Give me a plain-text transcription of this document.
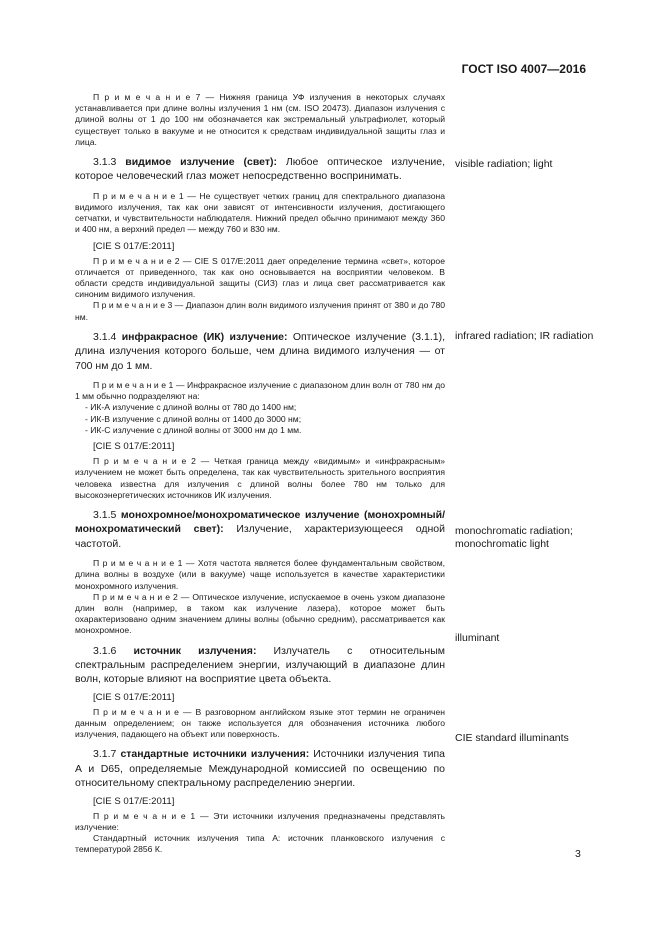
ГОСТ ISO 4007—2016
visible radiation; light
infrared radiation; IR radiation
monochromatic radiation; monochromatic light
illuminant
CIE standard illuminants

П р и м е ч а н и е 7 — Нижняя граница УФ излучения в некоторых случаях устанавливается при длине волны излучения 1 нм (см. ISO 20473). Диапазон излучения с длиной волны от 1 до 100 нм обозначается как экстремальный ультрафиолет, который существует только в вакууме и не относится к средствам индивидуальной защиты глаз и лица.

3.1.3 видимое излучение (свет): Любое оптическое излучение, которое человеческий глаз может непосредственно воспринимать.

П р и м е ч а н и е 1 — Не существует четких границ для спектрального диапазона видимого излучения, так как они зависят от интенсивности излучения, достигающего сетчатки, и чувствительности наблюдателя. Нижний предел обычно принимают между 360 и 400 нм, а верхний предел — между 760 и 830 нм.

[CIE S 017/E:2011]

П р и м е ч а н и е 2 — CIE S 017/E:2011 дает определение термина «свет», которое отличается от приведенного, так как оно основывается на восприятии человеком. В области средств индивидуальной защиты (СИЗ) глаз и лица свет рассматривается как синоним видимого излучения.

П р и м е ч а н и е 3 — Диапазон длин волн видимого излучения принят от 380 и до 780 нм.

3.1.4 инфракрасное (ИК) излучение: Оптическое излучение (3.1.1), длина излучения которого больше, чем длина видимого излучения — от 700 нм до 1 мм.

П р и м е ч а н и е 1 — Инфракрасное излучение с диапазоном длин волн от 780 нм до 1 мм обычно подразделяют на:

- ИК-А излучение с длиной волны от 780 до 1400 нм;

- ИК-В излучение с длиной волны от 1400 до 3000 нм;

- ИК-С излучение с длиной волны от 3000 нм до 1 мм.

[CIE S 017/E:2011]

П р и м е ч а н и е 2 — Четкая граница между «видимым» и «инфракрасным» излучением не может быть определена, так как чувствительность зрительного восприятия человека известна для излучения с длиной волны более 780 нм только для высокоэнергетических источников ИК излучения.

3.1.5 монохромное/монохроматическое излучение (монохромный/монохроматический свет): Излучение, характеризующееся одной частотой.

П р и м е ч а н и е 1 — Хотя частота является более фундаментальным свойством, длина волны в воздухе (или в вакууме) чаще используется в качестве характеристики монохромного излучения.

П р и м е ч а н и е 2 — Оптическое излучение, испускаемое в очень узком диапазоне длин волн (например, в таком как излучение лазера), которое может быть охарактеризовано одним значением длины волны (обычно средним), рассматривается как монохромное.

3.1.6 источник излучения: Излучатель с относительным спектральным распределением энергии, излучающий в диапазоне длин волн, которые влияют на восприятие цвета объекта.

[CIE S 017/E:2011]

П р и м е ч а н и е — В разговорном английском языке этот термин не ограничен данным определением; он также используется для обозначения источника любого излучения, падающего на объект или поверхность.

3.1.7 стандартные источники излучения: Источники излучения типа А и D65, определяемые Международной комиссией по освещению по относительному спектральному распределению энергии.

[CIE S 017/E:2011]

П р и м е ч а н и е 1 — Эти источники излучения предназначены представлять излучение:

Стандартный источник излучения типа А: источник планковского излучения с температурой 2856 К.	3
